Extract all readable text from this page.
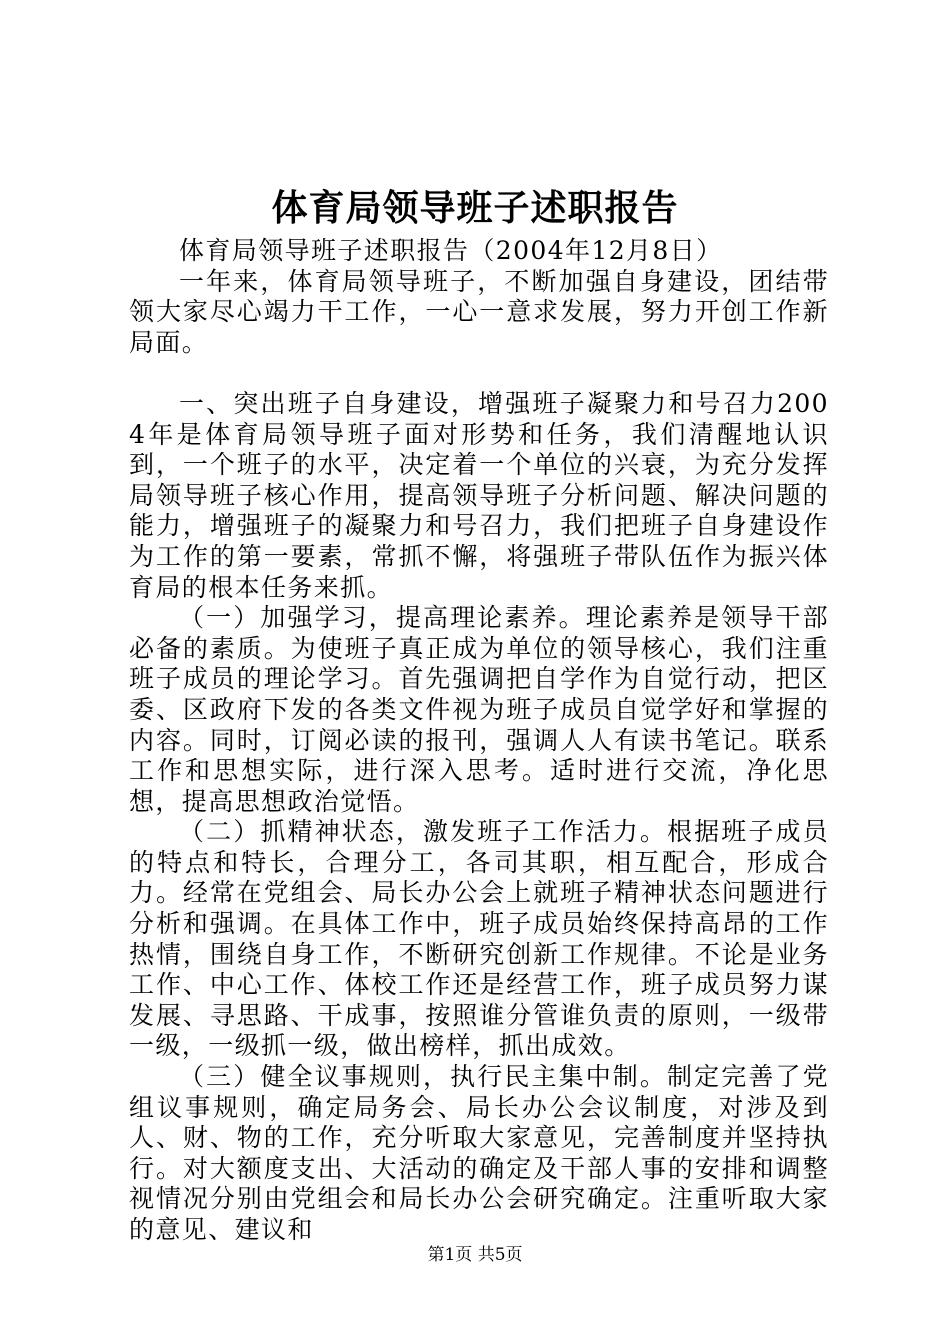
体育局领导班子述职报告

体育局领导班子述职报告（2004年12月8日）

一年来，体育局领导班子，不断加强自身建设，团结带领大家尽心竭力干工作，一心一意求发展，努力开创工作新局面。

一、突出班子自身建设，增强班子凝聚力和号召力2004年是体育局领导班子面对形势和任务，我们清醒地认识到，一个班子的水平，决定着一个单位的兴衰，为充分发挥局领导班子核心作用，提高领导班子分析问题、解决问题的能力，增强班子的凝聚力和号召力，我们把班子自身建设作为工作的第一要素，常抓不懈，将强班子带队伍作为振兴体育局的根本任务来抓。

（一）加强学习，提高理论素养。理论素养是领导干部必备的素质。为使班子真正成为单位的领导核心，我们注重班子成员的理论学习。首先强调把自学作为自觉行动，把区委、区政府下发的各类文件视为班子成员自觉学好和掌握的内容。同时，订阅必读的报刊，强调人人有读书笔记。联系工作和思想实际，进行深入思考。适时进行交流，净化思想，提高思想政治觉悟。

（二）抓精神状态，激发班子工作活力。根据班子成员的特点和特长，合理分工，各司其职，相互配合，形成合力。经常在党组会、局长办公会上就班子精神状态问题进行分析和强调。在具体工作中，班子成员始终保持高昂的工作热情，围绕自身工作，不断研究创新工作规律。不论是业务工作、中心工作、体校工作还是经营工作，班子成员努力谋发展、寻思路、干成事，按照谁分管谁负责的原则，一级带一级，一级抓一级，做出榜样，抓出成效。

（三）健全议事规则，执行民主集中制。制定完善了党组议事规则，确定局务会、局长办公会议制度，对涉及到人、财、物的工作，充分听取大家意见，完善制度并坚持执行。对大额度支出、大活动的确定及干部人事的安排和调整视情况分别由党组会和局长办公会研究确定。注重听取大家的意见、建议和

第1页 共5页
